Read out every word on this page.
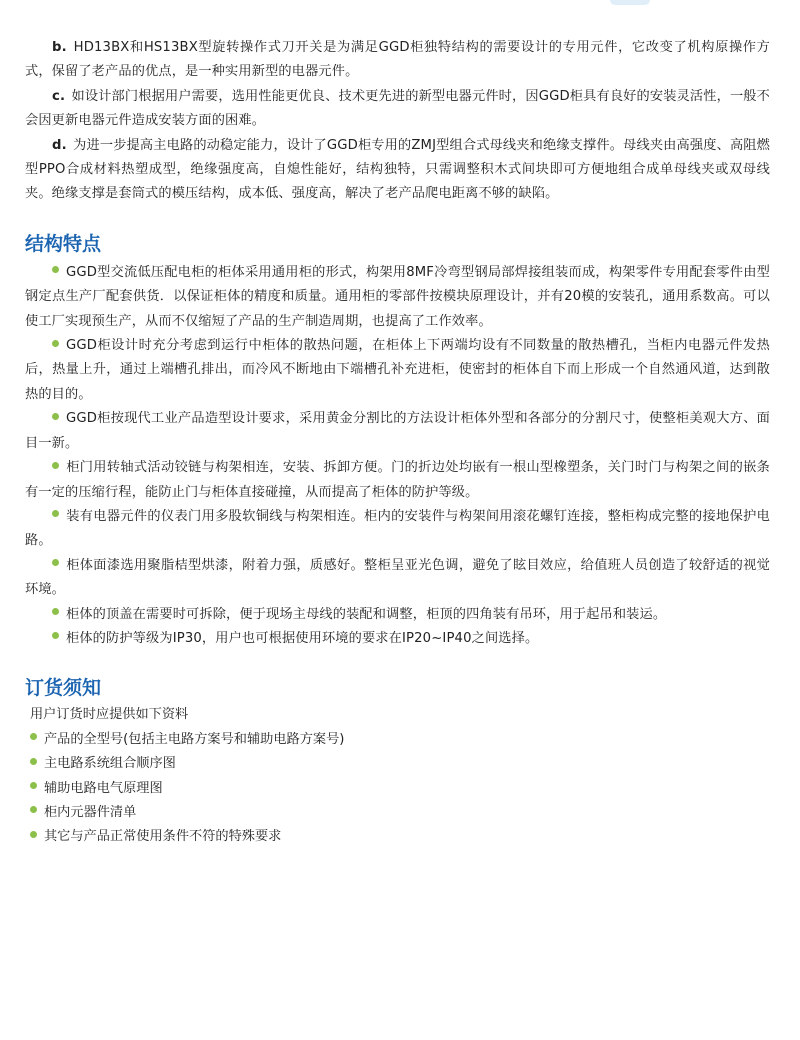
b. HD13BX和HS13BX型旋转操作式刀开关是为满足GGD柜独特结构的需要设计的专用元件，它改变了机构原操作方式，保留了老产品的优点，是一种实用新型的电器元件。

c. 如设计部门根据用户需要，选用性能更优良、技术更先进的新型电器元件时，因GGD柜具有良好的安装灵活性，一般不会因更新电器元件造成安装方面的困难。

d. 为进一步提高主电路的动稳定能力，设计了GGD柜专用的ZMJ型组合式母线夹和绝缘支撑件。母线夹由高强度、高阻燃型PPO合成材料热塑成型，绝缘强度高，自熄性能好，结构独特，只需调整积木式间块即可方便地组合成单母线夹或双母线夹。绝缘支撑是套筒式的模压结构，成本低、强度高，解决了老产品爬电距离不够的缺陷。

结构特点

GGD型交流低压配电柜的柜体采用通用柜的形式，构架用8MF冷弯型钢局部焊接组装而成，构架零件专用配套零件由型钢定点生产厂配套供货．以保证柜体的精度和质量。通用柜的零部件按模块原理设计，并有20模的安装孔，通用系数高。可以使工厂实现预生产，从而不仅缩短了产品的生产制造周期，也提高了工作效率。

GGD柜设计时充分考虑到运行中柜体的散热问题，在柜体上下两端均设有不同数量的散热槽孔，当柜内电器元件发热后，热量上升，通过上端槽孔排出，而冷风不断地由下端槽孔补充进柜，使密封的柜体自下而上形成一个自然通风道，达到散热的目的。

GGD柜按现代工业产品造型设计要求，采用黄金分割比的方法设计柜体外型和各部分的分割尺寸，使整柜美观大方、面目一新。

柜门用转轴式活动铰链与构架相连，安装、拆卸方便。门的折边处均嵌有一根山型橡塑条，关门时门与构架之间的嵌条有一定的压缩行程，能防止门与柜体直接碰撞，从而提高了柜体的防护等级。

装有电器元件的仪表门用多股软铜线与构架相连。柜内的安装件与构架间用滚花螺钉连接，整柜构成完整的接地保护电路。

柜体面漆选用聚脂桔型烘漆，附着力强，质感好。整柜呈亚光色调，避免了眩目效应，给值班人员创造了较舒适的视觉环境。

柜体的顶盖在需要时可拆除，便于现场主母线的装配和调整，柜顶的四角装有吊环，用于起吊和装运。

柜体的防护等级为IP30，用户也可根据使用环境的要求在IP20~IP40之间选择。

订货须知

用户订货时应提供如下资料

产品的全型号(包括主电路方案号和辅助电路方案号)
主电路系统组合顺序图
辅助电路电气原理图
柜内元器件清单
其它与产品正常使用条件不符的特殊要求
